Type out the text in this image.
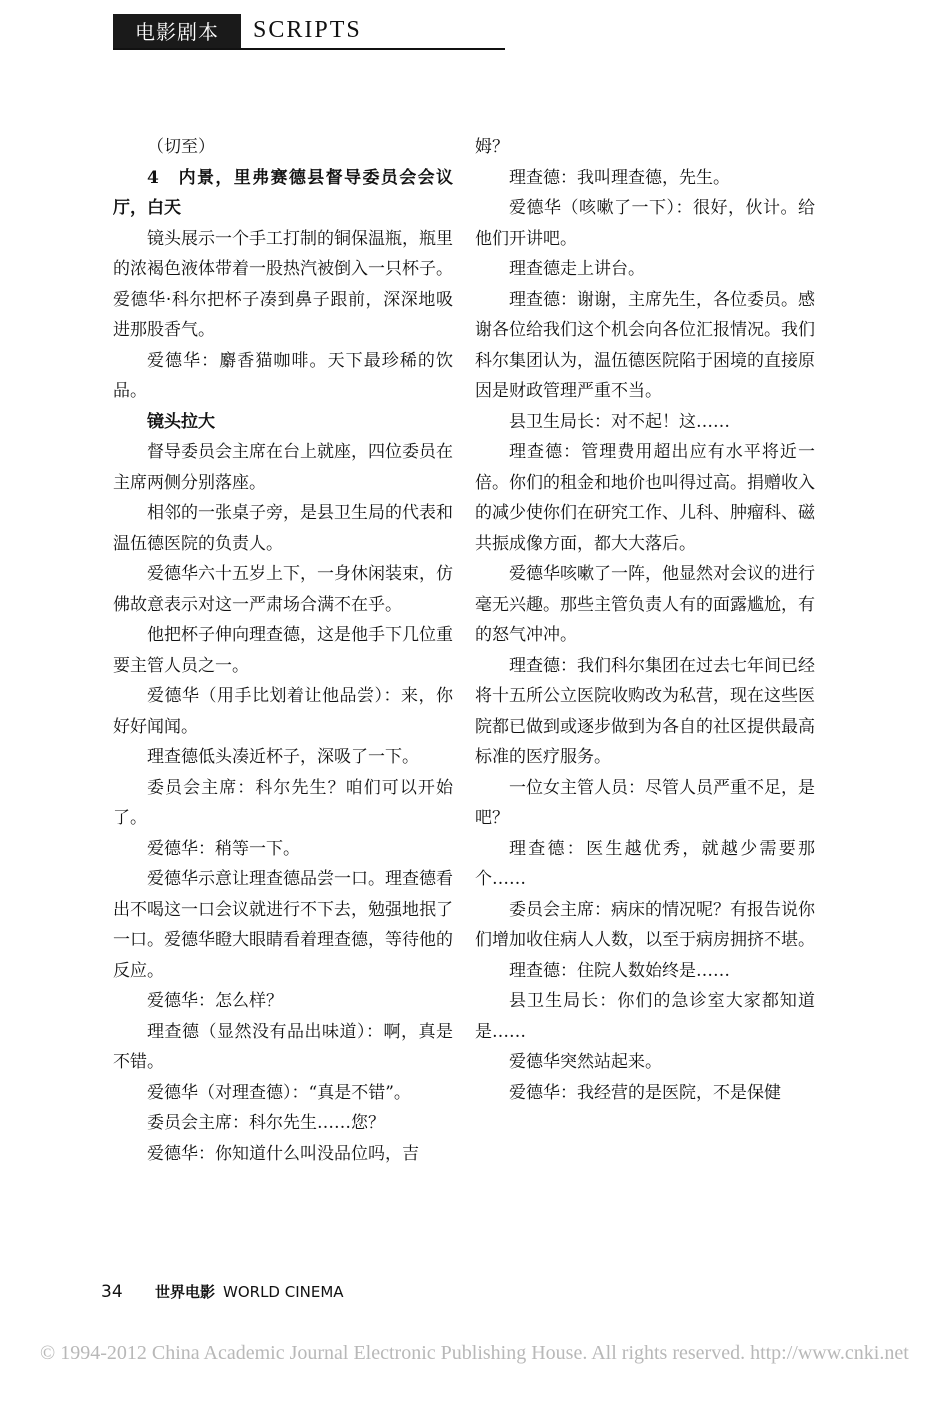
电影剧本	SCRIPTS

（切至）

4　内景，里弗赛德县督导委员会会议厅，白天

镜头展示一个手工打制的铜保温瓶，瓶里的浓褐色液体带着一股热汽被倒入一只杯子。爱德华·科尔把杯子凑到鼻子跟前，深深地吸进那股香气。

爱德华：麝香猫咖啡。天下最珍稀的饮品。

镜头拉大

督导委员会主席在台上就座，四位委员在主席两侧分别落座。

相邻的一张桌子旁，是县卫生局的代表和温伍德医院的负责人。

爱德华六十五岁上下，一身休闲装束，仿佛故意表示对这一严肃场合满不在乎。

他把杯子伸向理查德，这是他手下几位重要主管人员之一。

爱德华（用手比划着让他品尝）：来，你好好闻闻。

理查德低头凑近杯子，深吸了一下。

委员会主席：科尔先生？咱们可以开始了。

爱德华：稍等一下。

爱德华示意让理查德品尝一口。理查德看出不喝这一口会议就进行不下去，勉强地抿了一口。爱德华瞪大眼睛看着理查德，等待他的反应。

爱德华：怎么样？

理查德（显然没有品出味道）：啊，真是不错。

爱德华（对理查德）：“真是不错”。

委员会主席：科尔先生……您？

爱德华：你知道什么叫没品位吗，吉

姆？

理查德：我叫理查德，先生。

爱德华（咳嗽了一下）：很好，伙计。给他们开讲吧。

理查德走上讲台。

理查德：谢谢，主席先生，各位委员。感谢各位给我们这个机会向各位汇报情况。我们科尔集团认为，温伍德医院陷于困境的直接原因是财政管理严重不当。

县卫生局长：对不起！这……

理查德：管理费用超出应有水平将近一倍。你们的租金和地价也叫得过高。捐赠收入的减少使你们在研究工作、儿科、肿瘤科、磁共振成像方面，都大大落后。

爱德华咳嗽了一阵，他显然对会议的进行毫无兴趣。那些主管负责人有的面露尴尬，有的怒气冲冲。

理查德：我们科尔集团在过去七年间已经将十五所公立医院收购改为私营，现在这些医院都已做到或逐步做到为各自的社区提供最高标准的医疗服务。

一位女主管人员：尽管人员严重不足，是吧？

理查德：医生越优秀，就越少需要那个……

委员会主席：病床的情况呢？有报告说你们增加收住病人人数，以至于病房拥挤不堪。

理查德：住院人数始终是……

县卫生局长：你们的急诊室大家都知道是……

爱德华突然站起来。

爱德华：我经营的是医院，不是保健

34 世界电影 WORLD CINEMA
© 1994-2012 China Academic Journal Electronic Publishing House. All rights reserved. http://www.cnki.net
